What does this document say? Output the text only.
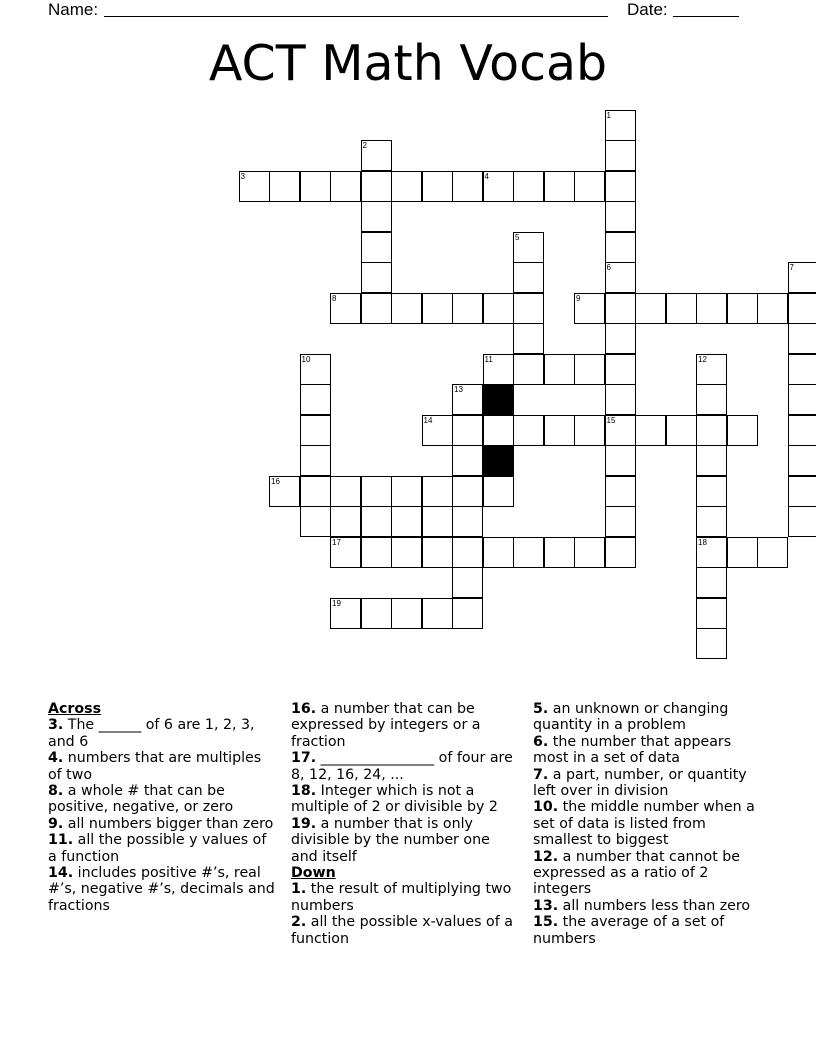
Name:	Date:
ACT Math Vocab
1
6
15
2
3	4
5
7
8	9
10	11	12
13
14
16
17	18
19
Across
3. The ______ of 6 are 1, 2, 3, and 6
4. numbers that are multiples of two
8. a whole # that can be positive, negative, or zero
9. all numbers bigger than zero
11. all the possible y values of a function
14. includes positive #’s, real #’s, negative #’s, decimals and fractions
16. a number that can be expressed by integers or a fraction
17. ________________ of four are 8, 12, 16, 24, ...
18. Integer which is not a multiple of 2 or divisible by 2
19. a number that is only divisible by the number one and itself
Down
1. the result of multiplying two numbers
2. all the possible x-values of a function
5. an unknown or changing quantity in a problem
6. the number that appears most in a set of data
7. a part, number, or quantity left over in division
10. the middle number when a set of data is listed from smallest to biggest
12. a number that cannot be expressed as a ratio of 2 integers
13. all numbers less than zero
15. the average of a set of numbers
